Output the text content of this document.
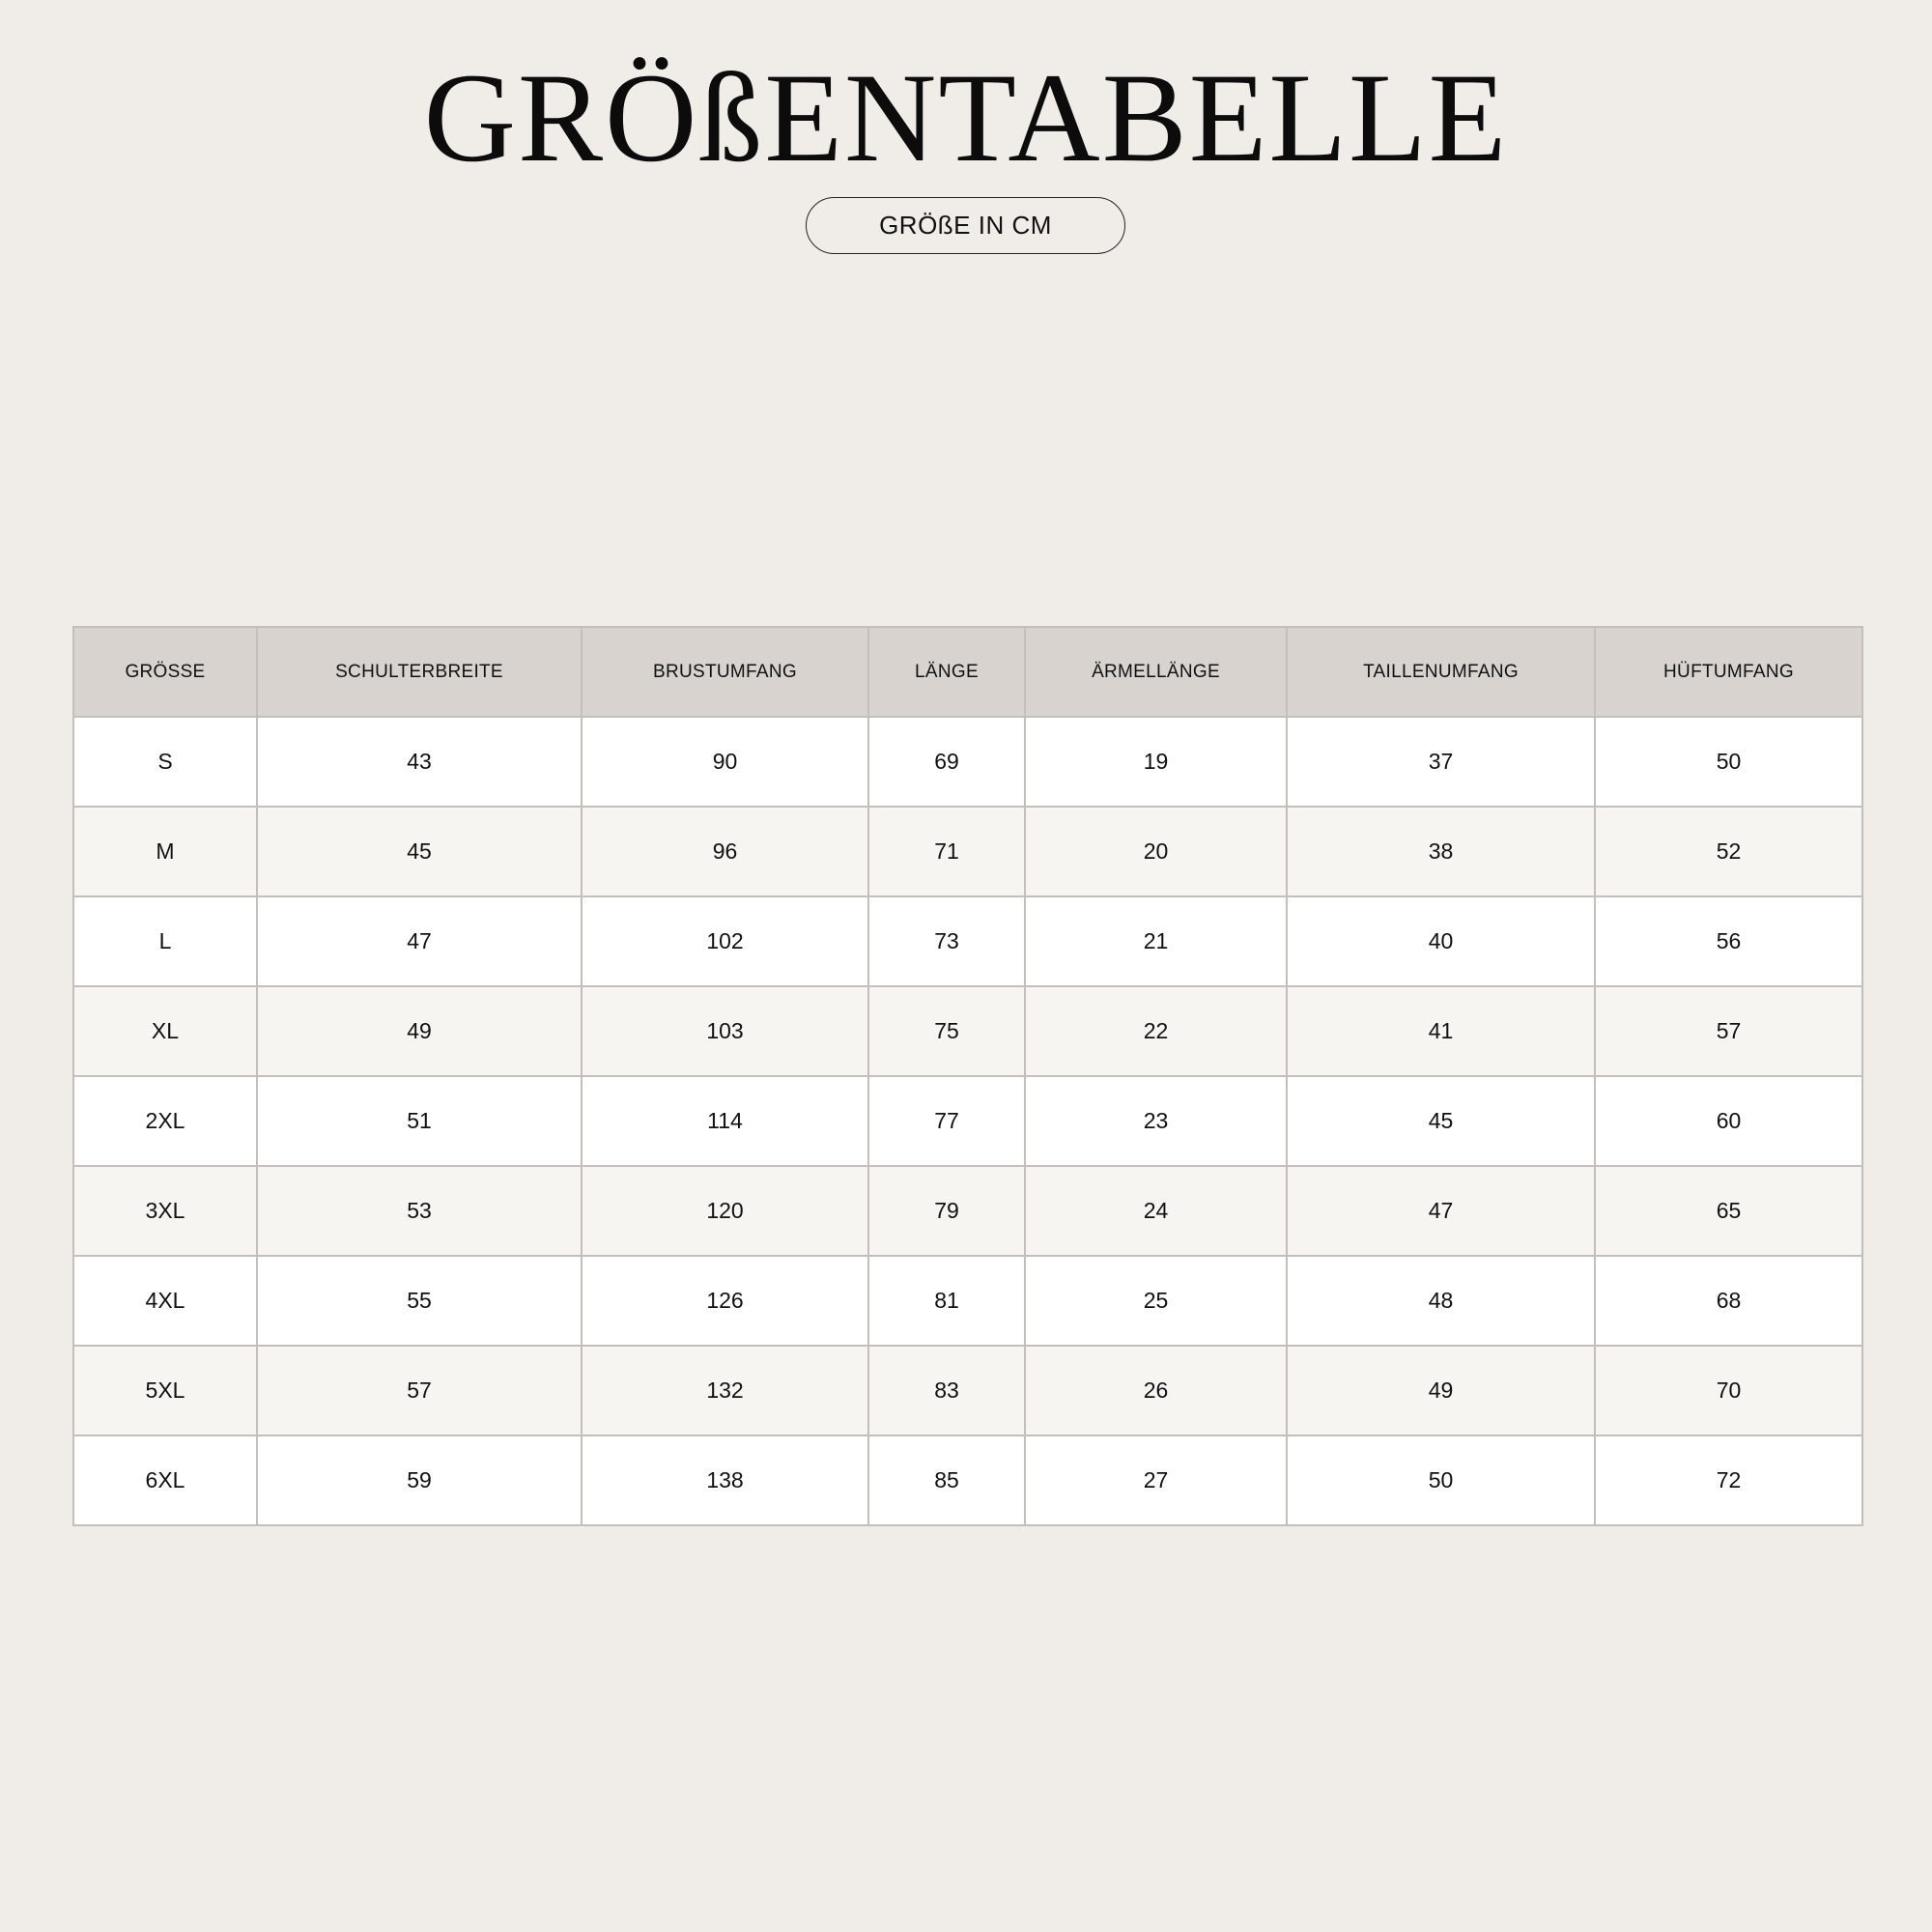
GRÖßENTABELLE
GRÖßE IN CM
GRÖSSE	SCHULTERBREITE	BRUSTUMFANG	LÄNGE	ÄRMELLÄNGE	TAILLENUMFANG	HÜFTUMFANG
S	43	90	69	19	37	50
M	45	96	71	20	38	52
L	47	102	73	21	40	56
XL	49	103	75	22	41	57
2XL	51	114	77	23	45	60
3XL	53	120	79	24	47	65
4XL	55	126	81	25	48	68
5XL	57	132	83	26	49	70
6XL	59	138	85	27	50	72
